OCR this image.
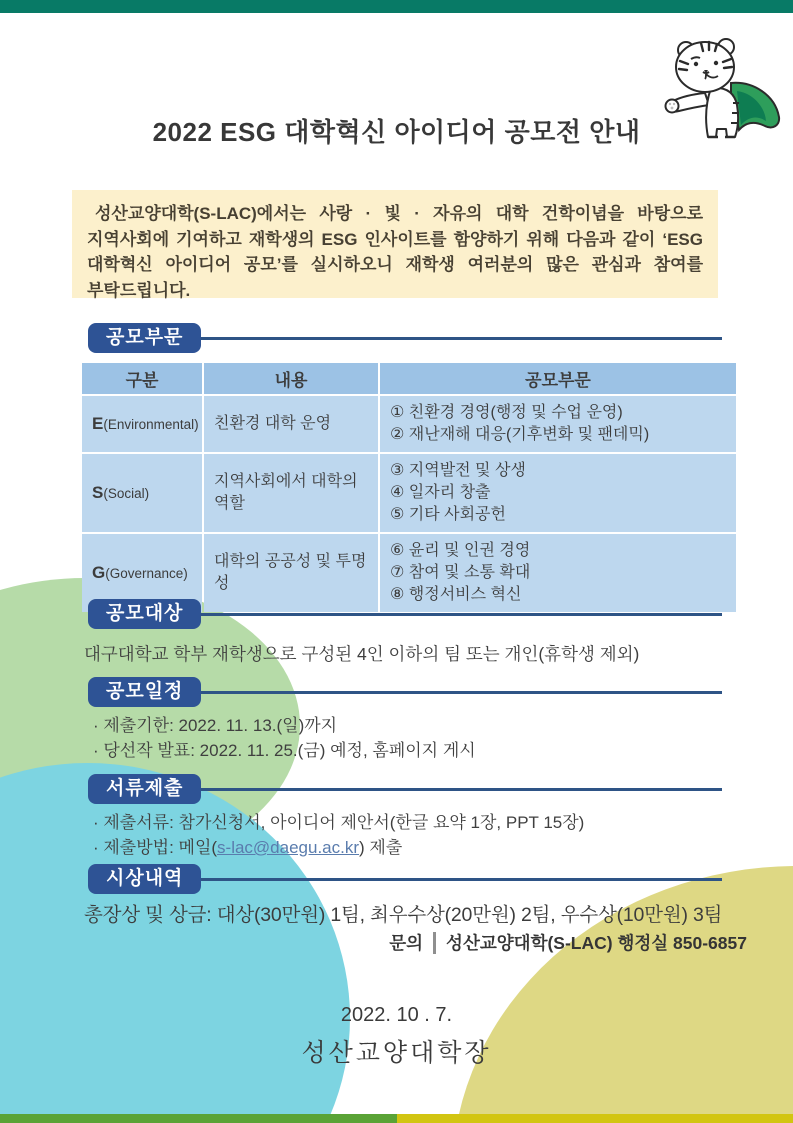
2022 ESG 대학혁신 아이디어 공모전 안내

성산교양대학(S-LAC)에서는 사랑 · 빛 · 자유의 대학 건학이념을 바탕으로 지역사회에 기여하고 재학생의 ESG 인사이트를 함양하기 위해 다음과 같이 ‘ESG 대학혁신 아이디어 공모’를 실시하오니 재학생 여러분의 많은 관심과 참여를 부탁드립니다.

공모부문
구분	내용	공모부문
E(Environmental)	친환경 대학 운영	① 친환경 경영(행정 및 수업 운영)
② 재난재해 대응(기후변화 및 팬데믹)

S(Social)	지역사회에서 대학의 역할	③ 지역발전 및 상생
④ 일자리 창출
⑤ 기타 사회공헌

G(Governance)	대학의 공공성 및 투명성	⑥ 윤리 및 인권 경영
⑦ 참여 및 소통 확대
⑧ 행정서비스 혁신
공모대상
대구대학교 학부 재학생으로 구성된 4인 이하의 팀 또는 개인(휴학생 제외)
공모일정
· 제출기한: 2022. 11. 13.(일)까지
· 당선작 발표: 2022. 11. 25.(금) 예정, 홈페이지 게시
서류제출
· 제출서류: 참가신청서, 아이디어 제안서(한글 요약 1장, PPT 15장)
· 제출방법: 메일(s-lac@daegu.ac.kr) 제출
시상내역
총장상 및 상금: 대상(30만원) 1팀, 최우수상(20만원) 2팀, 우수상(10만원) 3팀
문의 성산교양대학(S-LAC) 행정실 850-6857
2022. 10 . 7.
성산교양대학장
